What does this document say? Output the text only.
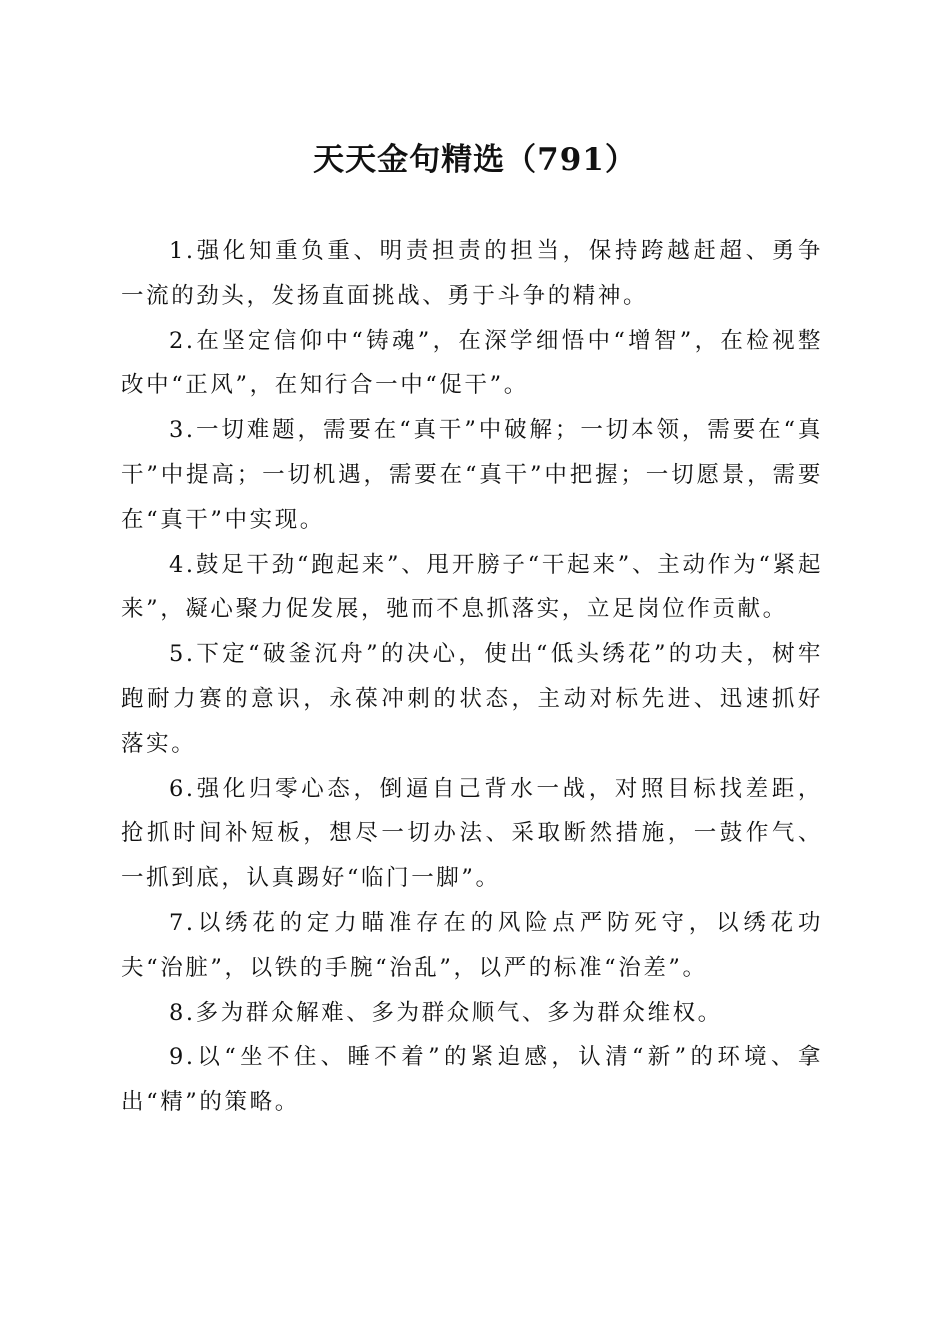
天天金句精选（791）

1.强化知重负重、明责担责的担当，保持跨越赶超、勇争一流的劲头，发扬直面挑战、勇于斗争的精神。

2.在坚定信仰中“铸魂”，在深学细悟中“增智”，在检视整改中“正风”，在知行合一中“促干”。

3.一切难题，需要在“真干”中破解；一切本领，需要在“真干”中提高；一切机遇，需要在“真干”中把握；一切愿景，需要在“真干”中实现。

4.鼓足干劲“跑起来”、甩开膀子“干起来”、主动作为“紧起来”，凝心聚力促发展，驰而不息抓落实，立足岗位作贡献。

5.下定“破釜沉舟”的决心，使出“低头绣花”的功夫，树牢跑耐力赛的意识，永葆冲刺的状态，主动对标先进、迅速抓好落实。

6.强化归零心态，倒逼自己背水一战，对照目标找差距，抢抓时间补短板，想尽一切办法、采取断然措施，一鼓作气、一抓到底，认真踢好“临门一脚”。

7.以绣花的定力瞄准存在的风险点严防死守，以绣花功夫“治脏”，以铁的手腕“治乱”，以严的标准“治差”。

8.多为群众解难、多为群众顺气、多为群众维权。

9.以“坐不住、睡不着”的紧迫感，认清“新”的环境、拿出“精”的策略。
